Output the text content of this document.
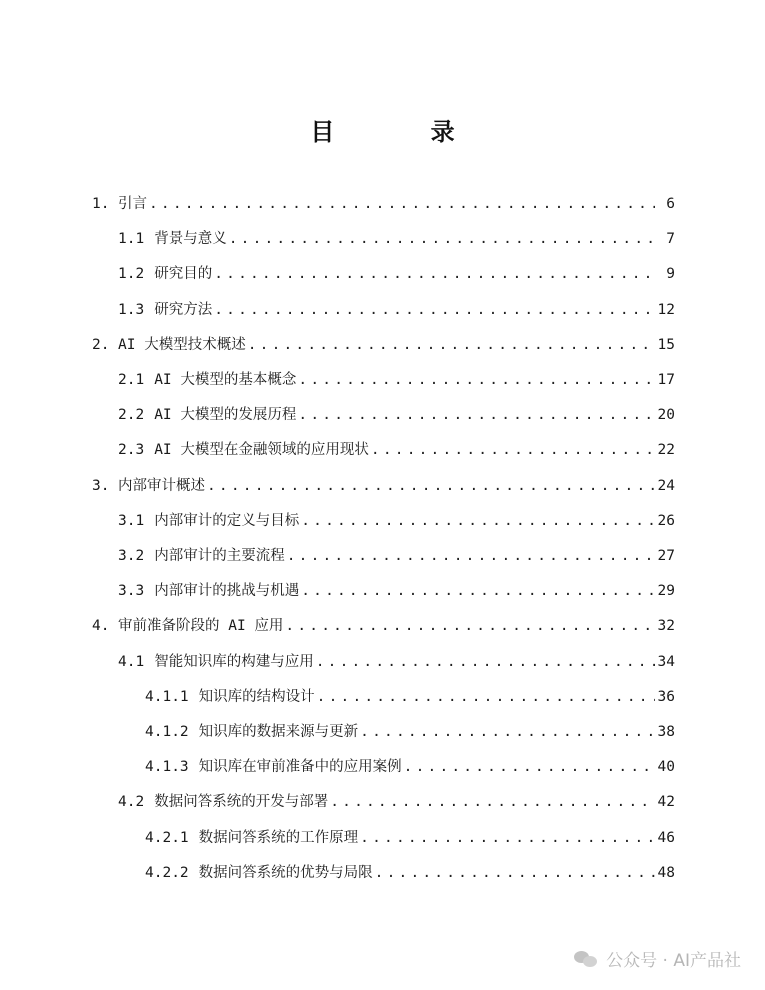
目 录
1. 引言 .....	6
1.1 背景与意义 .....	7
1.2 研究目的 .....	9
1.3 研究方法 .....	12
2. AI 大模型技术概述 .....	15
2.1 AI 大模型的基本概念 .....	17
2.2 AI 大模型的发展历程 .....	20
2.3 AI 大模型在金融领域的应用现状 .....	22
3. 内部审计概述 .....	24
3.1 内部审计的定义与目标 .....	26
3.2 内部审计的主要流程 .....	27
3.3 内部审计的挑战与机遇 .....	29
4. 审前准备阶段的 AI 应用 .....	32
4.1 智能知识库的构建与应用 .....	34
4.1.1 知识库的结构设计 .....	36
4.1.2 知识库的数据来源与更新 .....	38
4.1.3 知识库在审前准备中的应用案例 .....	40
4.2 数据问答系统的开发与部署 .....	42
4.2.1 数据问答系统的工作原理 .....	46
4.2.2 数据问答系统的优势与局限 .....	48
公众号 · AI产品社
